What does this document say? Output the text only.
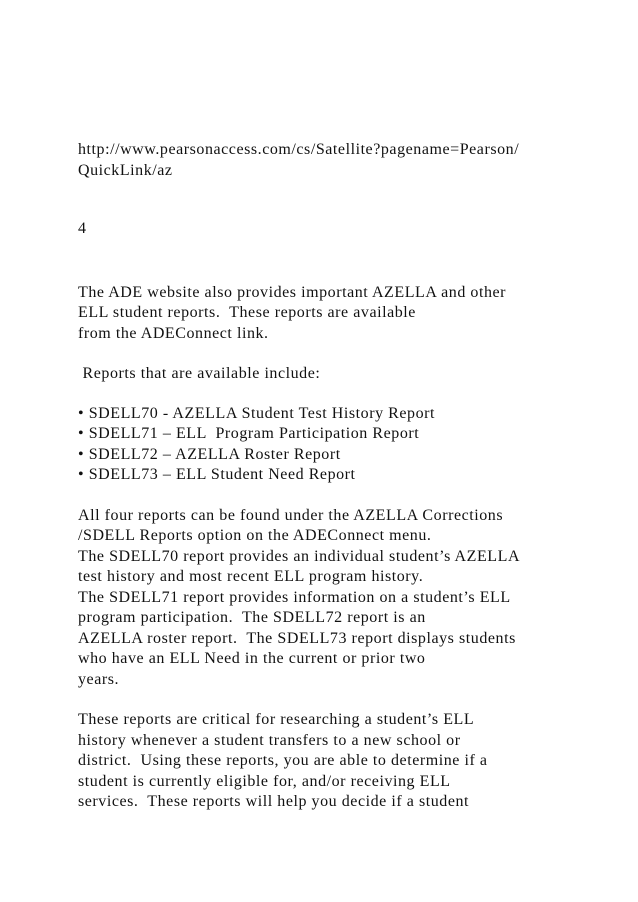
http://www.pearsonaccess.com/cs/Satellite?pagename=Pearson/
QuickLink/az
4
The ADE website also provides important AZELLA and other
ELL student reports.  These reports are available
from the ADEConnect link.
Reports that are available include:
• SDELL70 - AZELLA Student Test History Report
• SDELL71 – ELL  Program Participation Report
• SDELL72 – AZELLA Roster Report
• SDELL73 – ELL Student Need Report
All four reports can be found under the AZELLA Corrections
/SDELL Reports option on the ADEConnect menu.
The SDELL70 report provides an individual student’s AZELLA
test history and most recent ELL program history.
The SDELL71 report provides information on a student’s ELL
program participation.  The SDELL72 report is an
AZELLA roster report.  The SDELL73 report displays students
who have an ELL Need in the current or prior two
years.
These reports are critical for researching a student’s ELL
history whenever a student transfers to a new school or
district.  Using these reports, you are able to determine if a
student is currently eligible for, and/or receiving ELL
services.  These reports will help you decide if a student
